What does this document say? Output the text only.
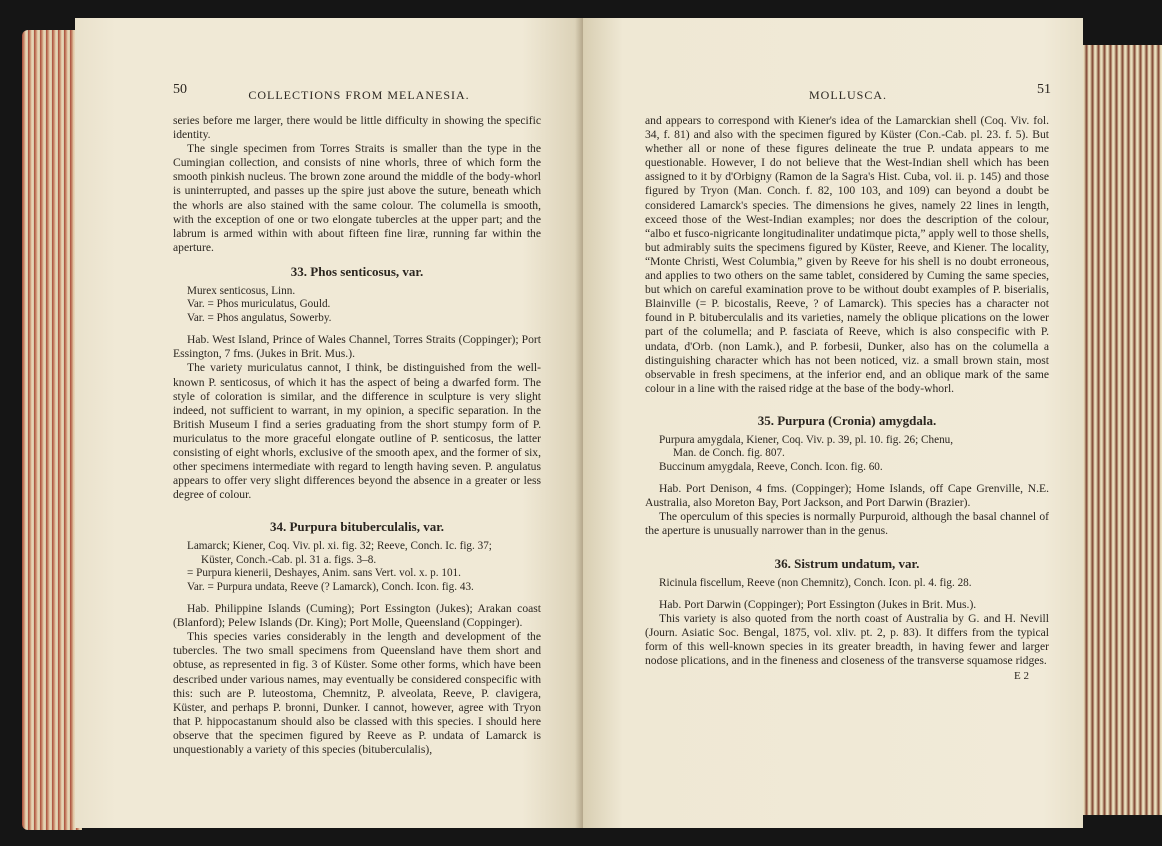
50	COLLECTIONS FROM MELANESIA.

series before me larger, there would be little difficulty in showing the specific identity.

The single specimen from Torres Straits is smaller than the type in the Cumingian collection, and consists of nine whorls, three of which form the smooth pinkish nucleus. The brown zone around the middle of the body-whorl is uninterrupted, and passes up the spire just above the suture, beneath which the whorls are also stained with the same colour. The columella is smooth, with the exception of one or two elongate tubercles at the upper part; and the labrum is armed within with about fifteen fine liræ, running far within the aperture.

33. Phos senticosus, var.

Murex senticosus, Linn.

Var. = Phos muriculatus, Gould.

Var. = Phos angulatus, Sowerby.

Hab. West Island, Prince of Wales Channel, Torres Straits (Coppinger); Port Essington, 7 fms. (Jukes in Brit. Mus.).

The variety muriculatus cannot, I think, be distinguished from the well-known P. senticosus, of which it has the aspect of being a dwarfed form. The style of coloration is similar, and the difference in sculpture is very slight indeed, not sufficient to warrant, in my opinion, a specific separation. In the British Museum I find a series graduating from the short stumpy form of P. muriculatus to the more graceful elongate outline of P. senticosus, the latter consisting of eight whorls, exclusive of the smooth apex, and the former of six, other specimens intermediate with regard to length having seven. P. angulatus appears to offer very slight differences beyond the absence in a greater or less degree of colour.

34. Purpura bituberculalis, var.

Lamarck; Kiener, Coq. Viv. pl. xi. fig. 32; Reeve, Conch. Ic. fig. 37;

Küster, Conch.-Cab. pl. 31 a. figs. 3–8.

= Purpura kienerii, Deshayes, Anim. sans Vert. vol. x. p. 101.

Var. = Purpura undata, Reeve (? Lamarck), Conch. Icon. fig. 43.

Hab. Philippine Islands (Cuming); Port Essington (Jukes); Arakan coast (Blanford); Pelew Islands (Dr. King); Port Molle, Queensland (Coppinger).

This species varies considerably in the length and development of the tubercles. The two small specimens from Queensland have them short and obtuse, as represented in fig. 3 of Küster. Some other forms, which have been described under various names, may eventually be considered conspecific with this: such are P. luteostoma, Chemnitz, P. alveolata, Reeve, P. clavigera, Küster, and perhaps P. bronni, Dunker. I cannot, however, agree with Tryon that P. hippocastanum should also be classed with this species. I should here observe that the specimen figured by Reeve as P. undata of Lamarck is unquestionably a variety of this species (bituberculalis),

MOLLUSCA.	51

and appears to correspond with Kiener's idea of the Lamarckian shell (Coq. Viv. fol. 34, f. 81) and also with the specimen figured by Küster (Con.-Cab. pl. 23. f. 5). But whether all or none of these figures delineate the true P. undata appears to me questionable. However, I do not believe that the West-Indian shell which has been assigned to it by d'Orbigny (Ramon de la Sagra's Hist. Cuba, vol. ii. p. 145) and those figured by Tryon (Man. Conch. f. 82, 100 103, and 109) can beyond a doubt be considered Lamarck's species. The dimensions he gives, namely 22 lines in length, exceed those of the West-Indian examples; nor does the description of the colour, “albo et fusco-nigricante longitudinaliter undatimque picta,” apply well to those shells, but admirably suits the specimens figured by Küster, Reeve, and Kiener. The locality, “Monte Christi, West Columbia,” given by Reeve for his shell is no doubt erroneous, and applies to two others on the same tablet, considered by Cuming the same species, but which on careful examination prove to be without doubt examples of P. biserialis, Blainville (= P. bicostalis, Reeve, ? of Lamarck). This species has a character not found in P. bituberculalis and its varieties, namely the oblique plications on the lower part of the columella; and P. fasciata of Reeve, which is also conspecific with P. undata, d'Orb. (non Lamk.), and P. forbesii, Dunker, also has on the columella a distinguishing character which has not been noticed, viz. a small brown stain, most observable in fresh specimens, at the inferior end, and an oblique mark of the same colour in a line with the raised ridge at the base of the body-whorl.

35. Purpura (Cronia) amygdala.

Purpura amygdala, Kiener, Coq. Viv. p. 39, pl. 10. fig. 26; Chenu,

Man. de Conch. fig. 807.

Buccinum amygdala, Reeve, Conch. Icon. fig. 60.

Hab. Port Denison, 4 fms. (Coppinger); Home Islands, off Cape Grenville, N.E. Australia, also Moreton Bay, Port Jackson, and Port Darwin (Brazier).

The operculum of this species is normally Purpuroid, although the basal channel of the aperture is unusually narrower than in the genus.

36. Sistrum undatum, var.

Ricinula fiscellum, Reeve (non Chemnitz), Conch. Icon. pl. 4. fig. 28.

Hab. Port Darwin (Coppinger); Port Essington (Jukes in Brit. Mus.).

This variety is also quoted from the north coast of Australia by G. and H. Nevill (Journ. Asiatic Soc. Bengal, 1875, vol. xliv. pt. 2, p. 83). It differs from the typical form of this well-known species in its greater breadth, in having fewer and larger nodose plications, and in the fineness and closeness of the transverse squamose ridges.

E 2
